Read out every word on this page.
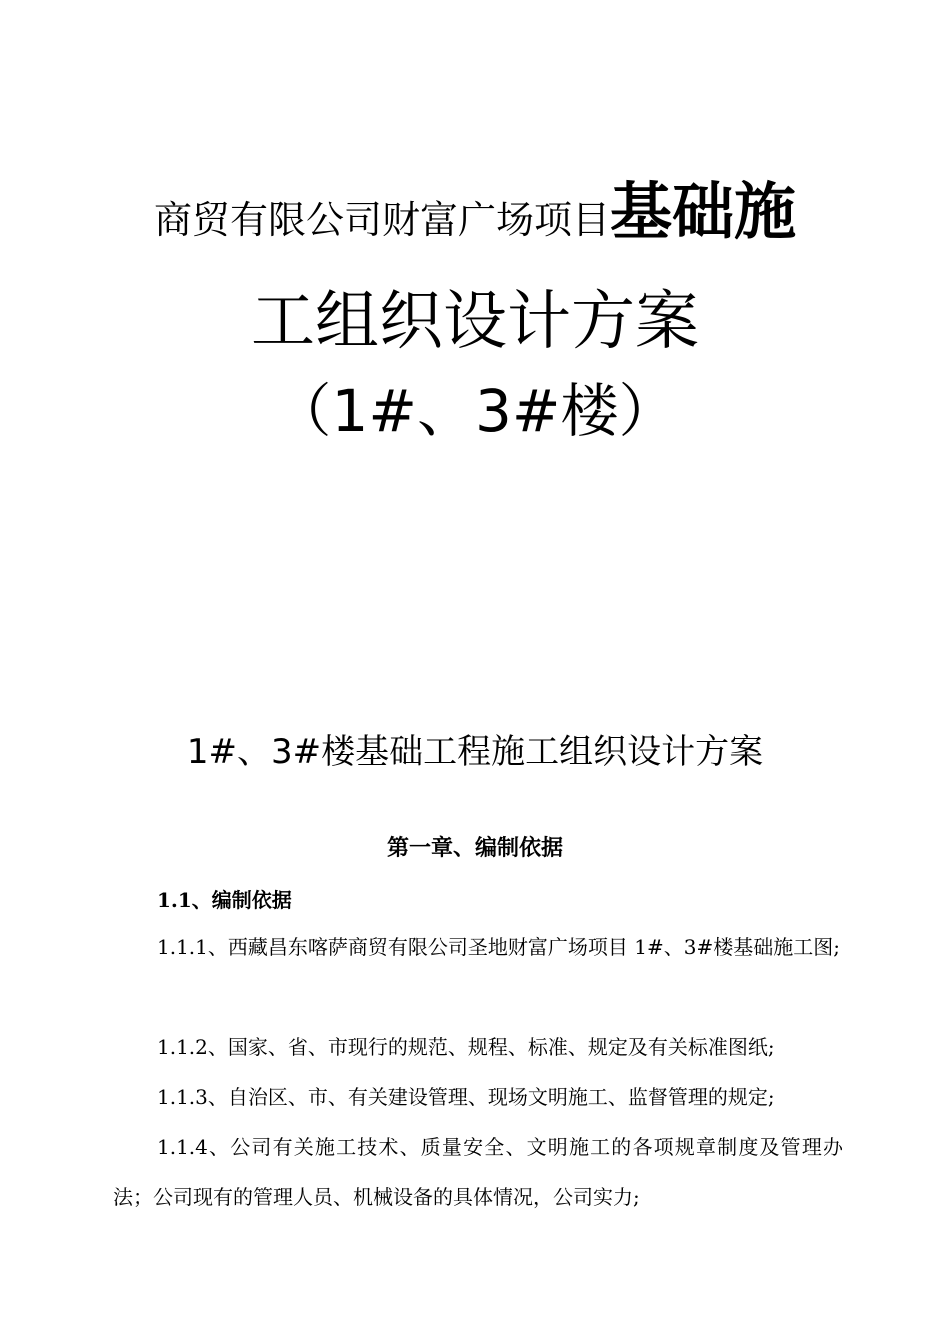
商贸有限公司财富广场项目基础施
工组织设计方案
（1#、3#楼）
1#、3#楼基础工程施工组织设计方案
第一章、编制依据
1.1、编制依据
1.1.1、西藏昌东喀萨商贸有限公司圣地财富广场项目 1#、3#楼基础施工图;
1.1.2、国家、省、市现行的规范、规程、标准、规定及有关标准图纸;
1.1.3、自治区、市、有关建设管理、现场文明施工、监督管理的规定;
1.1.4、公司有关施工技术、质量安全、文明施工的各项规章制度及管理办法；公司现有的管理人员、机械设备的具体情况，公司实力;
